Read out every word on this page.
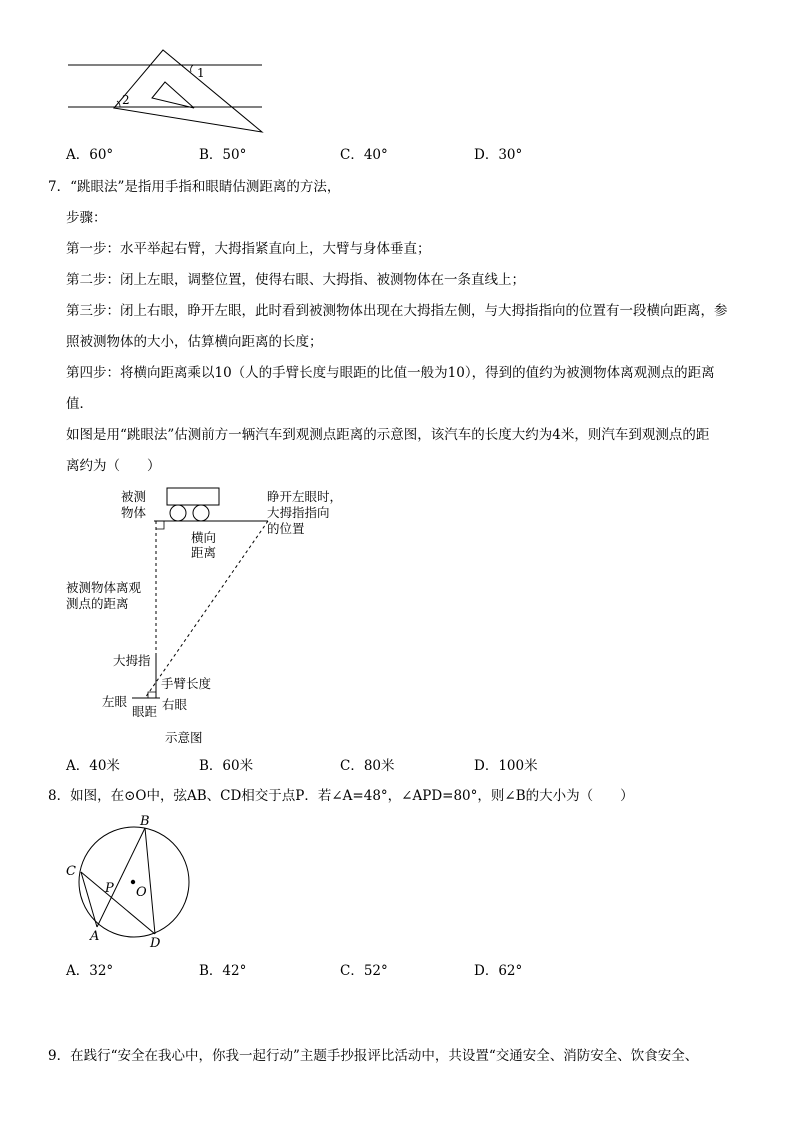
1
2
A．60°	B．50°	C．40°	D．30°
7．“跳眼法”是指用手指和眼睛估测距离的方法，
步骤：
第一步：水平举起右臂，大拇指紧直向上，大臂与身体垂直；
第二步：闭上左眼，调整位置，使得右眼、大拇指、被测物体在一条直线上；
第三步：闭上右眼，睁开左眼，此时看到被测物体出现在大拇指左侧，与大拇指指向的位置有一段横向距离，参
照被测物体的大小，估算横向距离的长度；
第四步：将横向距离乘以10（人的手臂长度与眼距的比值一般为10），得到的值约为被测物体离观测点的距离
值．
如图是用“跳眼法”估测前方一辆汽车到观测点距离的示意图，该汽车的长度大约为4米，则汽车到观测点的距
离约为（　　）
被测
物体
睁开左眼时，
大拇指指向
的位置
横向
距离
被测物体离观
测点的距离
大拇指
手臂长度
左眼
眼距 右眼
示意图
A．40米	B．60米	C．80米	D．100米
8．如图，在⊙O中，弦AB、CD相交于点P．若∠A=48°，∠APD=80°，则∠B的大小为（　　）
B
C
P O
A	D
A．32°	B．42°	C．52°	D．62°
9．在践行“安全在我心中，你我一起行动”主题手抄报评比活动中，共设置“交通安全、消防安全、饮食安全、
